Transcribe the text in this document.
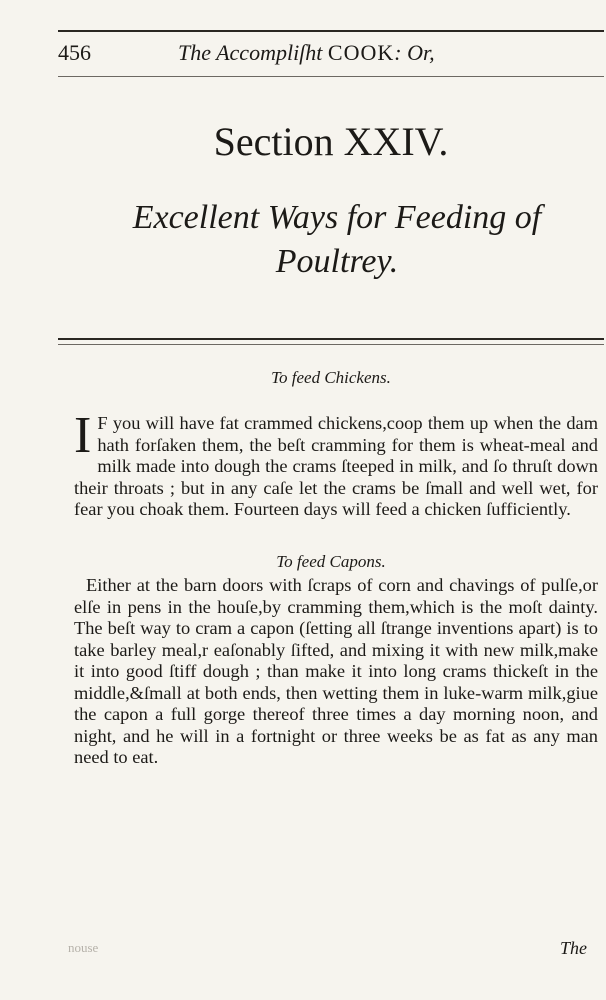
456	The Accompliſht COOK: Or,
Section XXIV.
Excellent Ways for Feeding of
Poultrey.
To feed Chickens.
I F you will have fat crammed chickens,coop them up when the dam hath forſaken them, the beſt cramming for them is wheat-meal and milk made into dough the crams ſteeped in milk, and ſo thruſt down their throats ; but in any caſe let the crams be ſmall and well wet, for fear you choak them. Fourteen days will feed a chicken ſufficiently.
To feed Capons.
Either at the barn doors with ſcraps of corn and chavings of pulſe,or elſe in pens in the houſe,by cramming them,which is the moſt dainty. The beſt way to cram a capon (ſetting all ſtrange inventions apart) is to take barley meal,r eaſonably ſifted, and mixing it with new milk,make it into good ſtiff dough ; than make it into long crams thickeſt in the middle,&ſmall at both ends, then wetting them in luke-warm milk,giue the capon a full gorge thereof three times a day morning noon, and night, and he will in a fortnight or three weeks be as fat as any man need to eat.
nouse	The
